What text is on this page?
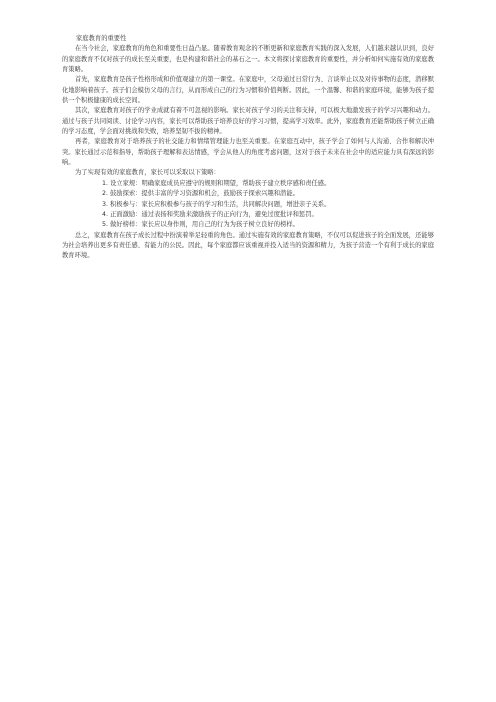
家庭教育的重要性

在当今社会，家庭教育的角色和重要性日益凸显。随着教育观念的不断更新和家庭教育实践的深入发展，人们越来越认识到，良好的家庭教育不仅对孩子的成长至关重要，也是构建和谐社会的基石之一。本文将探讨家庭教育的重要性，并分析如何实施有效的家庭教育策略。

首先，家庭教育是孩子性格形成和价值观建立的第一课堂。在家庭中，父母通过日常行为、言谈举止以及对待事物的态度，潜移默化地影响着孩子。孩子们会模仿父母的言行，从而形成自己的行为习惯和价值判断。因此，一个温馨、和谐的家庭环境，能够为孩子提供一个积极健康的成长空间。

其次，家庭教育对孩子的学业成就有着不可忽视的影响。家长对孩子学习的关注和支持，可以极大地激发孩子的学习兴趣和动力。通过与孩子共同阅读、讨论学习内容，家长可以帮助孩子培养良好的学习习惯，提高学习效率。此外，家庭教育还能帮助孩子树立正确的学习态度，学会面对挑战和失败，培养坚韧不拔的精神。

再者，家庭教育对于培养孩子的社交能力和情绪管理能力也至关重要。在家庭互动中，孩子学会了如何与人沟通、合作和解决冲突。家长通过示范和指导，帮助孩子理解和表达情感，学会从他人的角度考虑问题，这对于孩子未来在社会中的适应能力具有深远的影响。

为了实现有效的家庭教育，家长可以采取以下策略：

1. 设立家规：明确家庭成员应遵守的规则和期望，帮助孩子建立秩序感和责任感。
2. 鼓励探索：提供丰富的学习资源和机会，鼓励孩子探索兴趣和潜能。
3. 积极参与：家长应积极参与孩子的学习和生活，共同解决问题，增进亲子关系。
4. 正面激励：通过表扬和奖励来激励孩子的正向行为，避免过度批评和惩罚。
5. 做好榜样：家长应以身作则，用自己的行为为孩子树立良好的榜样。

总之，家庭教育在孩子成长过程中扮演着举足轻重的角色。通过实施有效的家庭教育策略，不仅可以促进孩子的全面发展，还能够为社会培养出更多有责任感、有能力的公民。因此，每个家庭都应该重视并投入适当的资源和精力，为孩子营造一个有利于成长的家庭教育环境。
